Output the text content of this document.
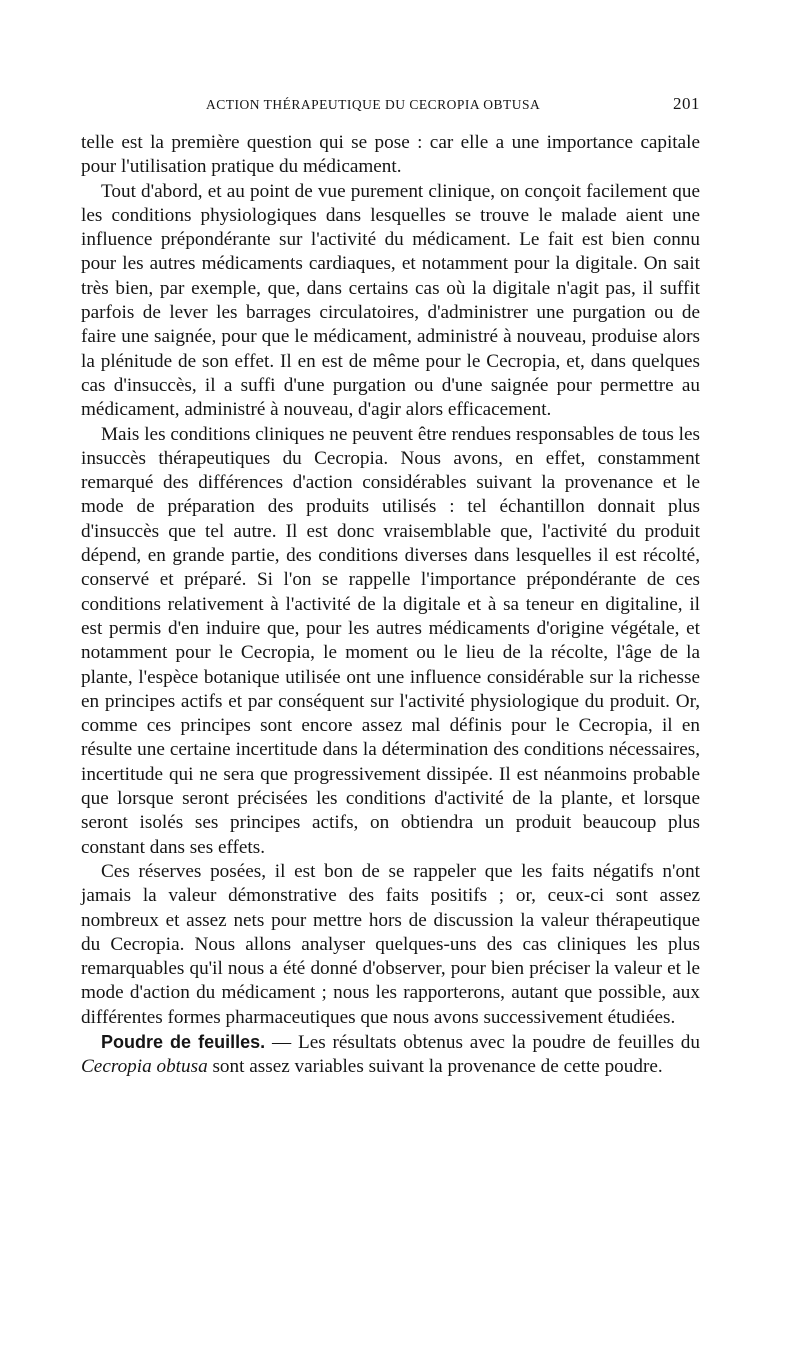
ACTION THÉRAPEUTIQUE DU CECROPIA OBTUSA	201

telle est la première question qui se pose : car elle a une importance capitale pour l'utilisation pratique du médicament.

Tout d'abord, et au point de vue purement clinique, on conçoit facilement que les conditions physiologiques dans lesquelles se trouve le malade aient une influence prépondérante sur l'activité du médicament. Le fait est bien connu pour les autres médicaments cardiaques, et notamment pour la digitale. On sait très bien, par exemple, que, dans certains cas où la digitale n'agit pas, il suffit parfois de lever les barrages circulatoires, d'administrer une purgation ou de faire une saignée, pour que le médicament, administré à nouveau, produise alors la plénitude de son effet. Il en est de même pour le Cecropia, et, dans quelques cas d'insuccès, il a suffi d'une purgation ou d'une saignée pour permettre au médicament, administré à nouveau, d'agir alors efficacement.

Mais les conditions cliniques ne peuvent être rendues responsables de tous les insuccès thérapeutiques du Cecropia. Nous avons, en effet, constamment remarqué des différences d'action considérables suivant la provenance et le mode de préparation des produits utilisés : tel échantillon donnait plus d'insuccès que tel autre. Il est donc vraisemblable que, l'activité du produit dépend, en grande partie, des conditions diverses dans lesquelles il est récolté, conservé et préparé. Si l'on se rappelle l'importance prépondérante de ces conditions relativement à l'activité de la digitale et à sa teneur en digitaline, il est permis d'en induire que, pour les autres médicaments d'origine végétale, et notamment pour le Cecropia, le moment ou le lieu de la récolte, l'âge de la plante, l'espèce botanique utilisée ont une influence considérable sur la richesse en principes actifs et par conséquent sur l'activité physiologique du produit. Or, comme ces principes sont encore assez mal définis pour le Cecropia, il en résulte une certaine incertitude dans la détermination des conditions nécessaires, incertitude qui ne sera que progressivement dissipée. Il est néanmoins probable que lorsque seront précisées les conditions d'activité de la plante, et lorsque seront isolés ses principes actifs, on obtiendra un produit beaucoup plus constant dans ses effets.

Ces réserves posées, il est bon de se rappeler que les faits négatifs n'ont jamais la valeur démonstrative des faits positifs ; or, ceux-ci sont assez nombreux et assez nets pour mettre hors de discussion la valeur thérapeutique du Cecropia. Nous allons analyser quelques-uns des cas cliniques les plus remarquables qu'il nous a été donné d'observer, pour bien préciser la valeur et le mode d'action du médicament ; nous les rapporterons, autant que possible, aux différentes formes pharmaceutiques que nous avons successivement étudiées.

Poudre de feuilles. — Les résultats obtenus avec la poudre de feuilles du Cecropia obtusa sont assez variables suivant la provenance de cette poudre.
